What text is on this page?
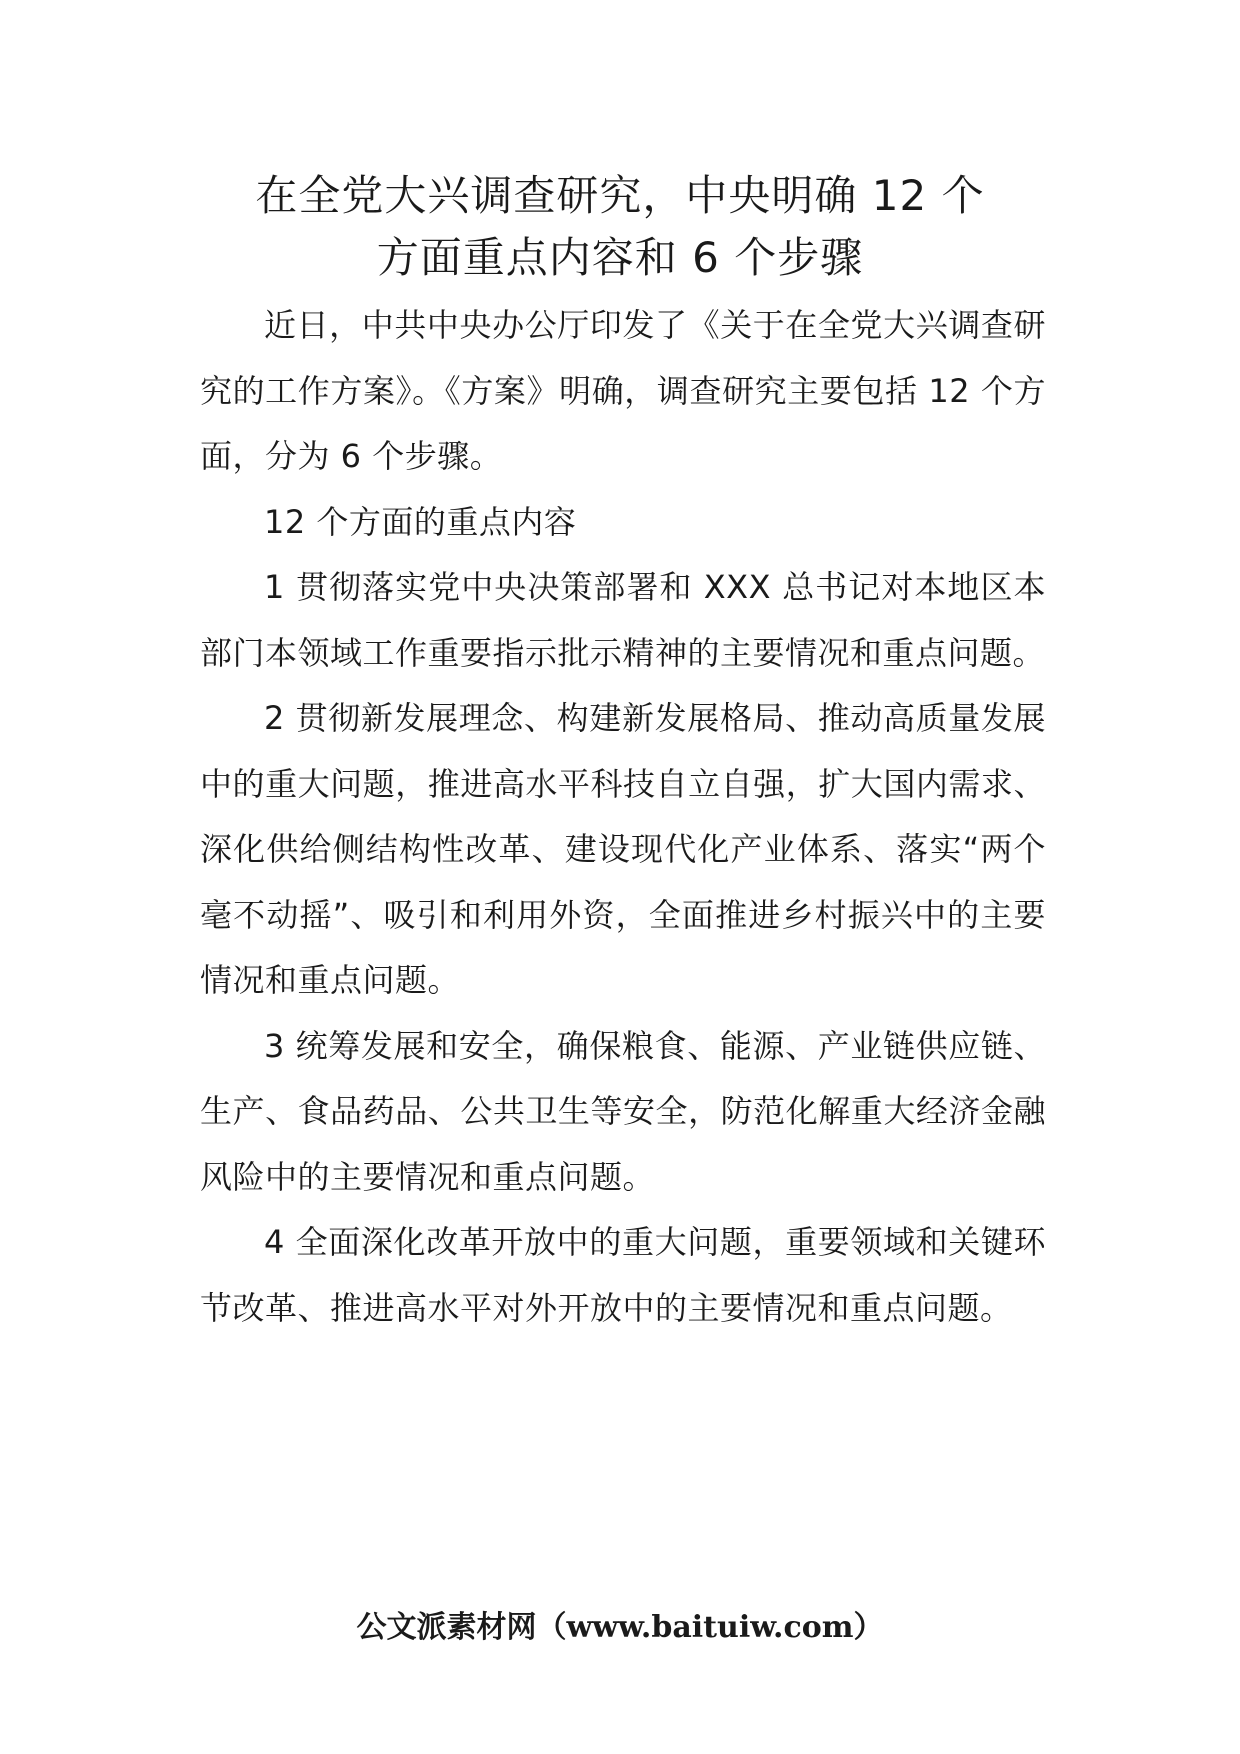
在全党大兴调查研究，中央明确 12 个
方面重点内容和 6 个步骤

近日，中共中央办公厅印发了《关于在全党大兴调查研究的工作方案》。《方案》明确，调查研究主要包括 12 个方面，分为 6 个步骤。

12 个方面的重点内容

1 贯彻落实党中央决策部署和 XXX 总书记对本地区本部门本领域工作重要指示批示精神的主要情况和重点问题。

2 贯彻新发展理念、构建新发展格局、推动高质量发展中的重大问题，推进高水平科技自立自强，扩大国内需求、深化供给侧结构性改革、建设现代化产业体系、落实“两个毫不动摇”、吸引和利用外资，全面推进乡村振兴中的主要情况和重点问题。

3 统筹发展和安全，确保粮食、能源、产业链供应链、生产、食品药品、公共卫生等安全，防范化解重大经济金融风险中的主要情况和重点问题。

4 全面深化改革开放中的重大问题，重要领域和关键环节改革、推进高水平对外开放中的主要情况和重点问题。

公文派素材网（www.baituiw.com）
